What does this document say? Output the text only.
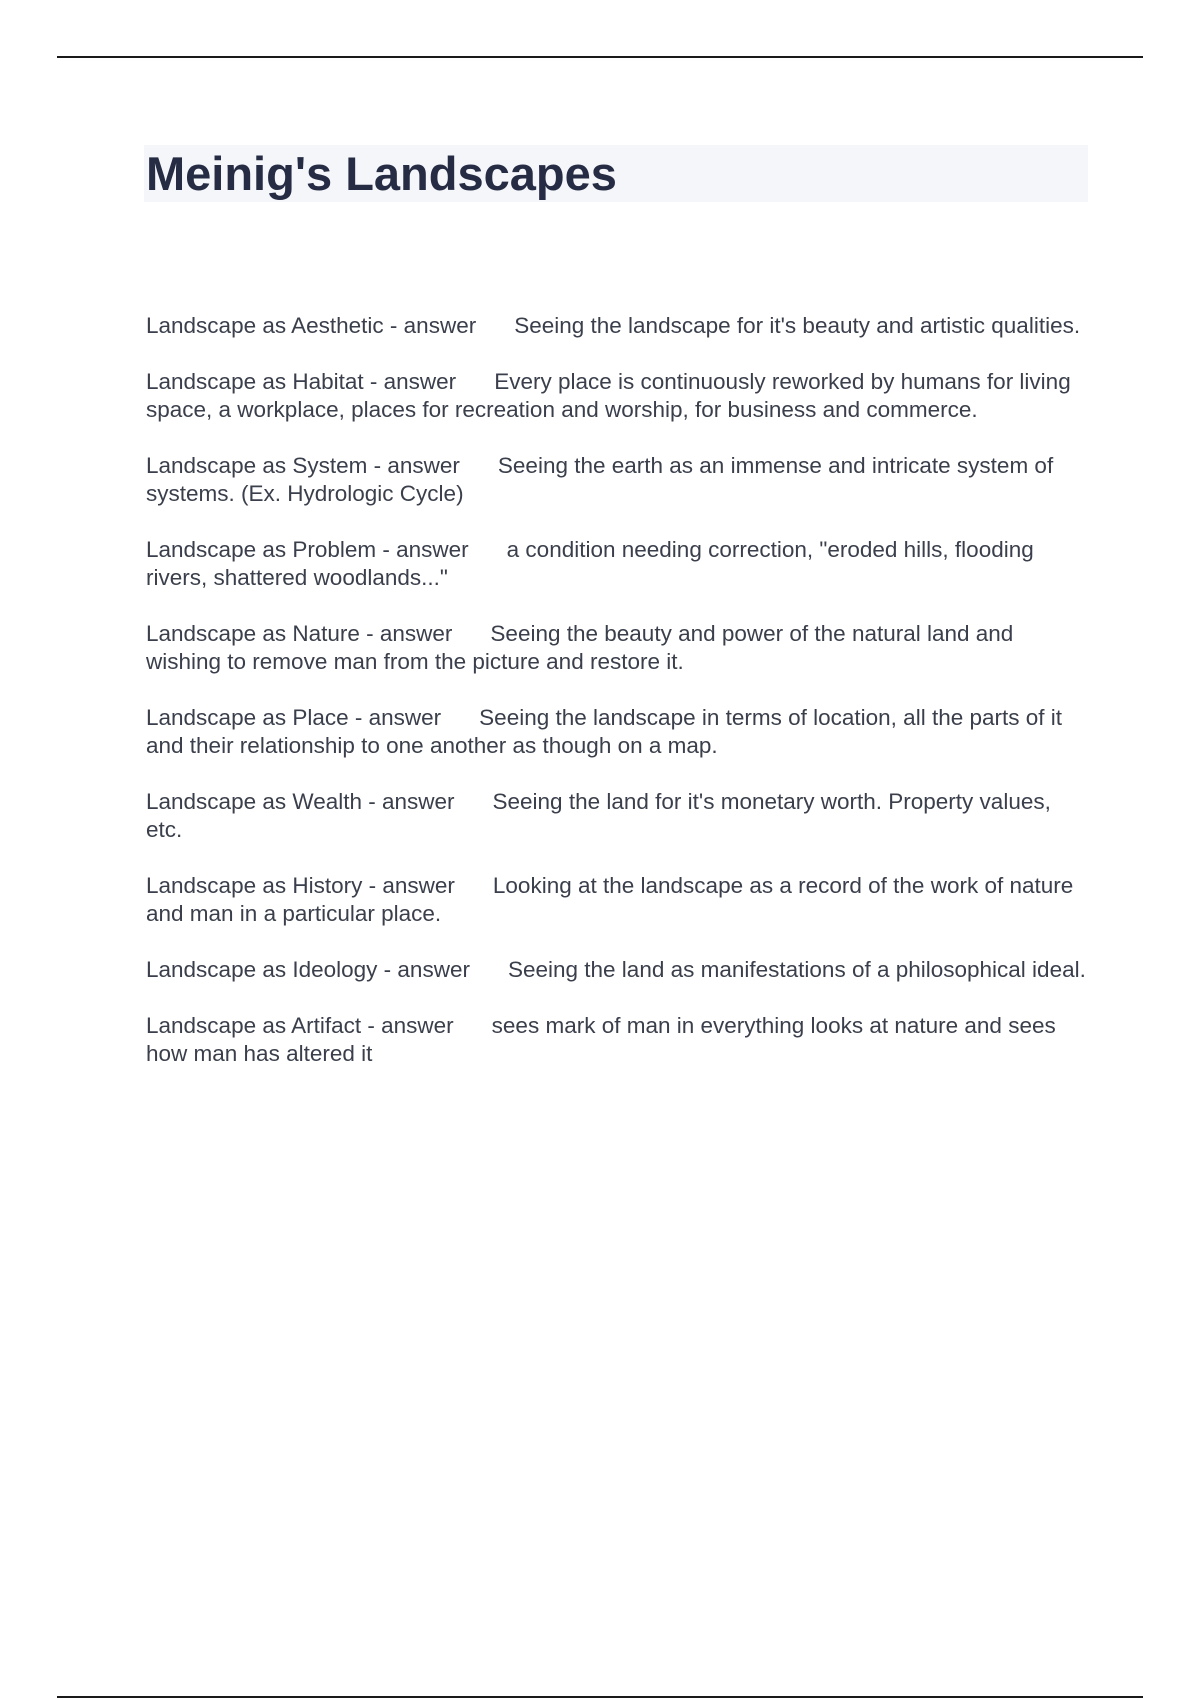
Meinig's Landscapes
Landscape as Aesthetic - answer Seeing the landscape for it's beauty and artistic qualities.
Landscape as Habitat - answer Every place is continuously reworked by humans for living space, a workplace, places for recreation and worship, for business and commerce.
Landscape as System - answer Seeing the earth as an immense and intricate system of systems. (Ex. Hydrologic Cycle)
Landscape as Problem - answer a condition needing correction, "eroded hills, flooding rivers, shattered woodlands..."
Landscape as Nature - answer Seeing the beauty and power of the natural land and wishing to remove man from the picture and restore it.
Landscape as Place - answer Seeing the landscape in terms of location, all the parts of it and their relationship to one another as though on a map.
Landscape as Wealth - answer Seeing the land for it's monetary worth. Property values, etc.
Landscape as History - answer Looking at the landscape as a record of the work of nature and man in a particular place.
Landscape as Ideology - answer Seeing the land as manifestations of a philosophical ideal.
Landscape as Artifact - answer sees mark of man in everything looks at nature and sees how man has altered it
